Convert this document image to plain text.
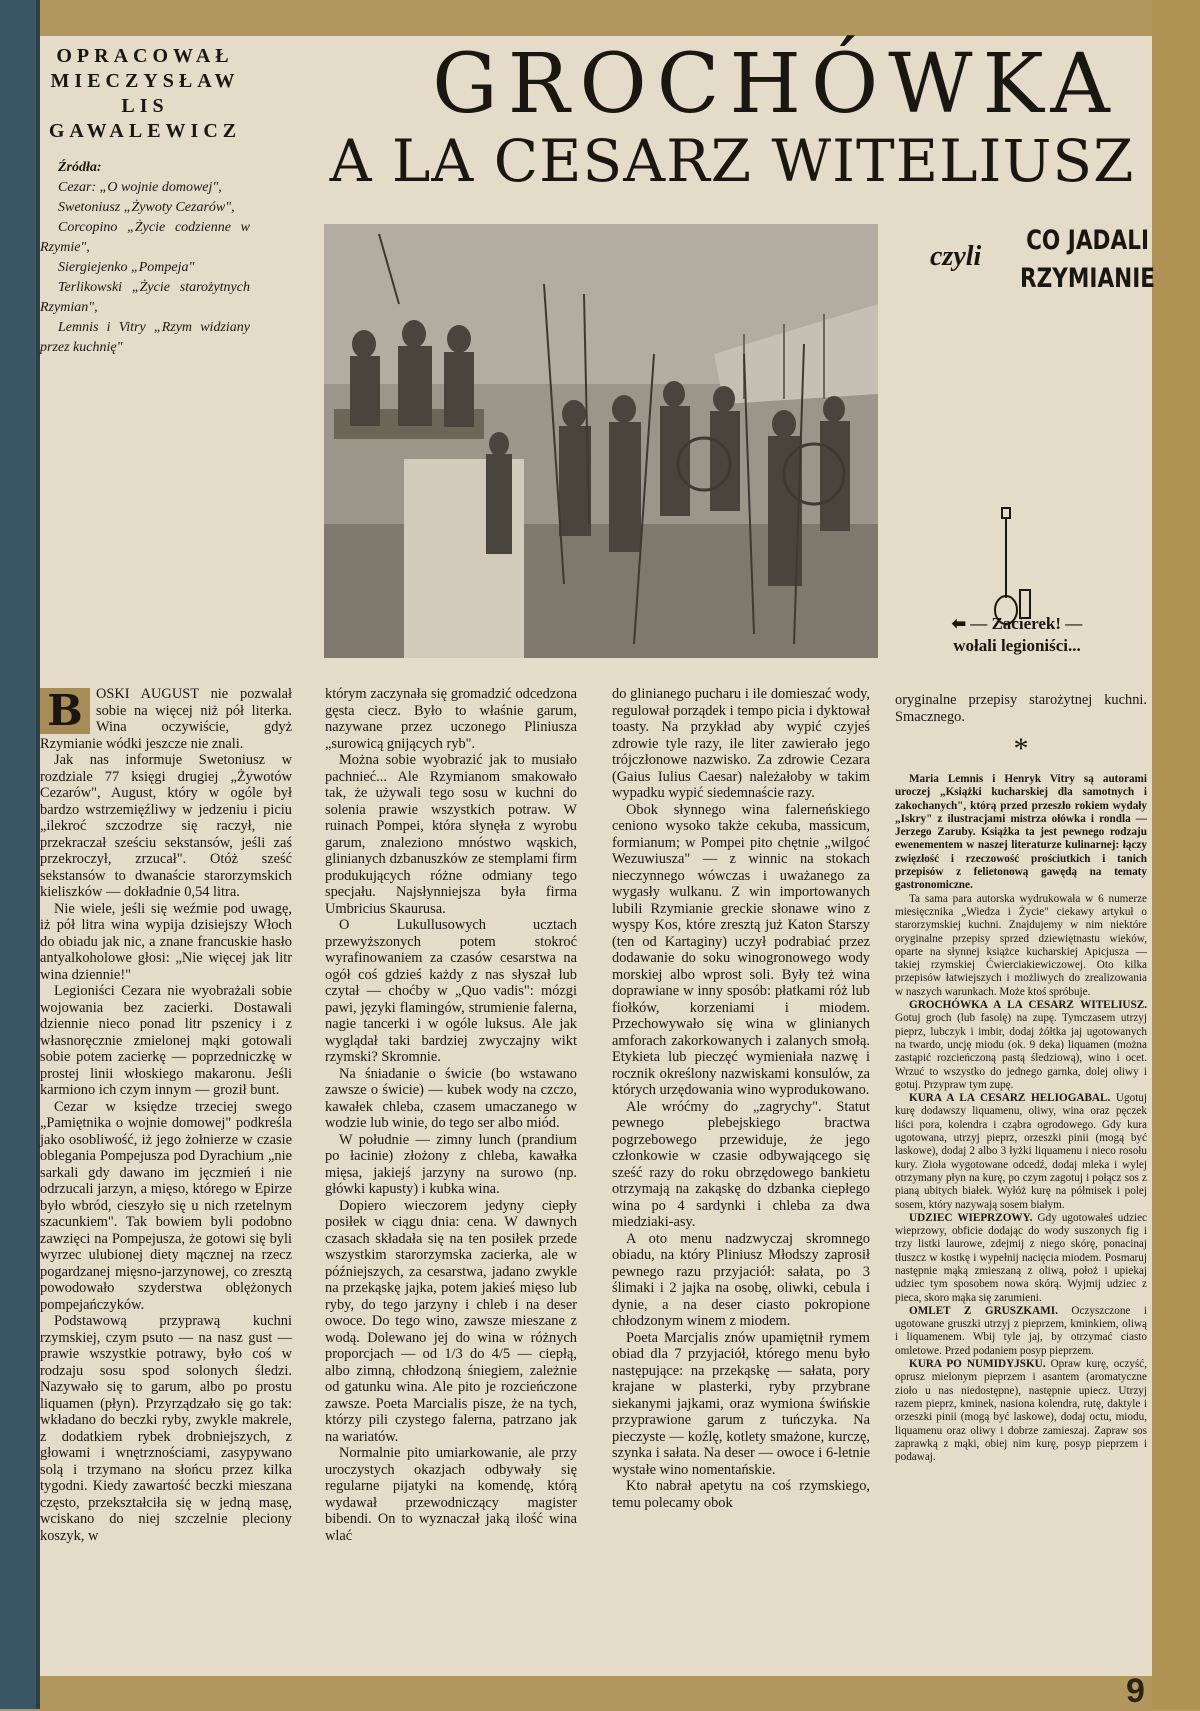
OPRACOWAŁ
MIECZYSŁAW
LIS
GAWALEWICZ
Źródła:
Cezar: „O wojnie domowej",
Swetoniusz „Żywoty Cezarów",
Corcopino „Życie codzienne w Rzymie",
Siergiejenko „Pompeja"
Terlikowski „Życie starożytnych Rzymian",
Lemnis i Vitry „Rzym widziany przez kuchnię"
GROCHÓWKA
A LA CESARZ WITELIUSZ
czyli
CO JADALI
RZYMIANIE
⬅ — Zacierek! —
wołali legioniści...
B OSKI AUGUST nie pozwalał sobie na więcej niż pół literka. Wina oczywiście, gdyż Rzymianie wódki jeszcze nie znali.

Jak nas informuje Swetoniusz w rozdziale 77 księgi drugiej „Żywotów Cezarów", August, który w ogóle był bardzo wstrzemięźliwy w jedzeniu i piciu „ilekroć szczodrze się raczył, nie przekraczał sześciu sekstansów, jeśli zaś przekroczył, zrzucał". Otóż sześć sekstansów to dwanaście starorzymskich kieliszków — dokładnie 0,54 litra.

Nie wiele, jeśli się weźmie pod uwagę, iż pół litra wina wypija dzisiejszy Włoch do obiadu jak nic, a znane francuskie hasło antyalkoholowe głosi: „Nie więcej jak litr wina dziennie!"

Legioniści Cezara nie wyobrażali sobie wojowania bez zacierki. Dostawali dziennie nieco ponad litr pszenicy i z własnoręcznie zmielonej mąki gotowali sobie potem zacierkę — poprzedniczkę w prostej linii włoskiego makaronu. Jeśli karmiono ich czym innym — groził bunt.

Cezar w księdze trzeciej swego „Pamiętnika o wojnie domowej" podkreśla jako osobliwość, iż jego żołnierze w czasie oblegania Pompejusza pod Dyrachium „nie sarkali gdy dawano im jęczmień i nie odrzucali jarzyn, a mięso, którego w Epirze było wbród, cieszyło się u nich rzetelnym szacunkiem". Tak bowiem byli podobno zawzięci na Pompejusza, że gotowi się byli wyrzec ulubionej diety mącznej na rzecz pogardzanej mięsno-jarzynowej, co zresztą powodowało szyderstwa oblężonych pompejańczyków.

Podstawową przyprawą kuchni rzymskiej, czym psuto — na nasz gust — prawie wszystkie potrawy, było coś w rodzaju sosu spod solonych śledzi. Nazywało się to garum, albo po prostu liquamen (płyn). Przyrządzało się go tak: wkładano do beczki ryby, zwykle makrele, z dodatkiem rybek drobniejszych, z głowami i wnętrznościami, zasypywano solą i trzymano na słońcu przez kilka tygodni. Kiedy zawartość beczki mieszana często, przekształciła się w jedną masę, wciskano do niej szczelnie pleciony koszyk, w

którym zaczynała się gromadzić odcedzona gęsta ciecz. Było to właśnie garum, nazywane przez uczonego Pliniusza „surowicą gnijących ryb".

Można sobie wyobrazić jak to musiało pachnieć... Ale Rzymianom smakowało tak, że używali tego sosu w kuchni do solenia prawie wszystkich potraw. W ruinach Pompei, która słynęła z wyrobu garum, znaleziono mnóstwo wąskich, glinianych dzbanuszków ze stemplami firm produkujących różne odmiany tego specjału. Najsłynniejsza była firma Umbricius Skaurusa.

O Lukullusowych ucztach przewyższonych potem stokroć wyrafinowaniem za czasów cesarstwa na ogół coś gdzieś każdy z nas słyszał lub czytał — choćby w „Quo vadis": mózgi pawi, języki flamingów, strumienie falerna, nagie tancerki i w ogóle luksus. Ale jak wyglądał taki bardziej zwyczajny wikt rzymski? Skromnie.

Na śniadanie o świcie (bo wstawano zawsze o świcie) — kubek wody na czczo, kawałek chleba, czasem umaczanego w wodzie lub winie, do tego ser albo miód.

W południe — zimny lunch (prandium po łacinie) złożony z chleba, kawałka mięsa, jakiejś jarzyny na surowo (np. główki kapusty) i kubka wina.

Dopiero wieczorem jedyny ciepły posiłek w ciągu dnia: cena. W dawnych czasach składała się na ten posiłek przede wszystkim starorzymska zacierka, ale w późniejszych, za cesarstwa, jadano zwykle na przekąskę jajka, potem jakieś mięso lub ryby, do tego jarzyny i chleb i na deser owoce. Do tego wino, zawsze mieszane z wodą. Dolewano jej do wina w różnych proporcjach — od 1/3 do 4/5 — ciepłą, albo zimną, chłodzoną śniegiem, zależnie od gatunku wina. Ale pito je rozcieńczone zawsze. Poeta Marcialis pisze, że na tych, którzy pili czystego falerna, patrzano jak na wariatów.

Normalnie pito umiarkowanie, ale przy uroczystych okazjach odbywały się regularne pijatyki na komendę, którą wydawał przewodniczący magister bibendi. On to wyznaczał jaką ilość wina wlać

do glinianego pucharu i ile domieszać wody, regulował porządek i tempo picia i dyktował toasty. Na przykład aby wypić czyjeś zdrowie tyle razy, ile liter zawierało jego trójczłonowe nazwisko. Za zdrowie Cezara (Gaius Iulius Caesar) należałoby w takim wypadku wypić siedemnaście razy.

Obok słynnego wina falerneńskiego ceniono wysoko także cekuba, massicum, formianum; w Pompei pito chętnie „wilgoć Wezuwiusza" — z winnic na stokach nieczynnego wówczas i uważanego za wygasły wulkanu. Z win importowanych lubili Rzymianie greckie słonawe wino z wyspy Kos, które zresztą już Katon Starszy (ten od Kartaginy) uczył podrabiać przez dodawanie do soku winogronowego wody morskiej albo wprost soli. Były też wina doprawiane w inny sposób: płatkami róż lub fiołków, korzeniami i miodem. Przechowywało się wina w glinianych amforach zakorkowanych i zalanych smołą. Etykieta lub pieczęć wymieniała nazwę i rocznik określony nazwiskami konsulów, za których urzędowania wino wyprodukowano.

Ale wróćmy do „zagrychy". Statut pewnego plebejskiego bractwa pogrzebowego przewiduje, że jego członkowie w czasie odbywającego się sześć razy do roku obrzędowego bankietu otrzymają na zakąskę do dzbanka ciepłego wina po 4 sardynki i chleba za dwa miedziaki-asy.

A oto menu nadzwyczaj skromnego obiadu, na który Pliniusz Młodszy zaprosił pewnego razu przyjaciół: sałata, po 3 ślimaki i 2 jajka na osobę, oliwki, cebula i dynie, a na deser ciasto pokropione chłodzonym winem z miodem.

Poeta Marcjalis znów upamiętnił rymem obiad dla 7 przyjaciół, którego menu było następujące: na przekąskę — sałata, pory krajane w plasterki, ryby przybrane siekanymi jajkami, oraz wymiona świńskie przyprawione garum z tuńczyka. Na pieczyste — koźlę, kotlety smażone, kurczę, szynka i sałata. Na deser — owoce i 6-letnie wystałe wino nomentańskie.

Kto nabrał apetytu na coś rzymskiego, temu polecamy obok

oryginalne przepisy starożytnej kuchni. Smacznego.

*

Maria Lemnis i Henryk Vitry są autorami uroczej „Książki kucharskiej dla samotnych i zakochanych", którą przed przeszło rokiem wydały „Iskry" z ilustracjami mistrza ołówka i rondla — Jerzego Zaruby. Książka ta jest pewnego rodzaju ewenementem w naszej literaturze kulinarnej: łączy zwięzłość i rzeczowość prościutkich i tanich przepisów z felietonową gawędą na tematy gastronomiczne.

Ta sama para autorska wydrukowała w 6 numerze miesięcznika „Wiedza i Życie" ciekawy artykuł o starorzymskiej kuchni. Znajdujemy w nim niektóre oryginalne przepisy sprzed dziewiętnastu wieków, oparte na słynnej książce kucharskiej Apicjusza — takiej rzymskiej Ćwierciakiewiczowej. Oto kilka przepisów łatwiejszych i możliwych do zrealizowania w naszych warunkach. Może ktoś spróbuje.

GROCHÓWKA A LA CESARZ WITELIUSZ. Gotuj groch (lub fasolę) na zupę. Tymczasem utrzyj pieprz, lubczyk i imbir, dodaj żółtka jaj ugotowanych na twardo, uncję miodu (ok. 9 deka) liquamen (można zastąpić rozcieńczoną pastą śledziową), wino i ocet. Wrzuć to wszystko do jednego garnka, dolej oliwy i gotuj. Przypraw tym zupę.

KURA A LA CESARZ HELIOGABAL. Ugotuj kurę dodawszy liquamenu, oliwy, wina oraz pęczek liści pora, kolendra i cząbra ogrodowego. Gdy kura ugotowana, utrzyj pieprz, orzeszki pinii (mogą być laskowe), dodaj 2 albo 3 łyżki liquamenu i nieco rosołu kury. Zioła wygotowane odcedź, dodaj mleka i wylej otrzymany płyn na kurę, po czym zagotuj i połącz sos z pianą ubitych białek. Wyłóż kurę na półmisek i polej sosem, który nazywają sosem białym.

UDZIEC WIEPRZOWY. Gdy ugotowałeś udziec wieprzowy, obficie dodając do wody suszonych fig i trzy listki laurowe, zdejmij z niego skórę, ponacinaj tłuszcz w kostkę i wypełnij nacięcia miodem. Posmaruj następnie mąką zmieszaną z oliwą, położ i upiekaj udziec tym sposobem nowa skórą. Wyjmij udziec z pieca, skoro mąka się zarumieni.

OMLET Z GRUSZKAMI. Oczyszczone i ugotowane gruszki utrzyj z pieprzem, kminkiem, oliwą i liquamenem. Wbij tyle jaj, by otrzymać ciasto omletowe. Przed podaniem posyp pieprzem.

KURA PO NUMIDYJSKU. Opraw kurę, oczyść, oprusz mielonym pieprzem i asantem (aromatyczne zioło u nas niedostępne), następnie upiecz. Utrzyj razem pieprz, kminek, nasiona kolendra, rutę, daktyle i orzeszki pinii (mogą być laskowe), dodaj octu, miodu, liquamenu oraz oliwy i dobrze zamieszaj. Zapraw sos zaprawką z mąki, obiej nim kurę, posyp pieprzem i podawaj.

9
